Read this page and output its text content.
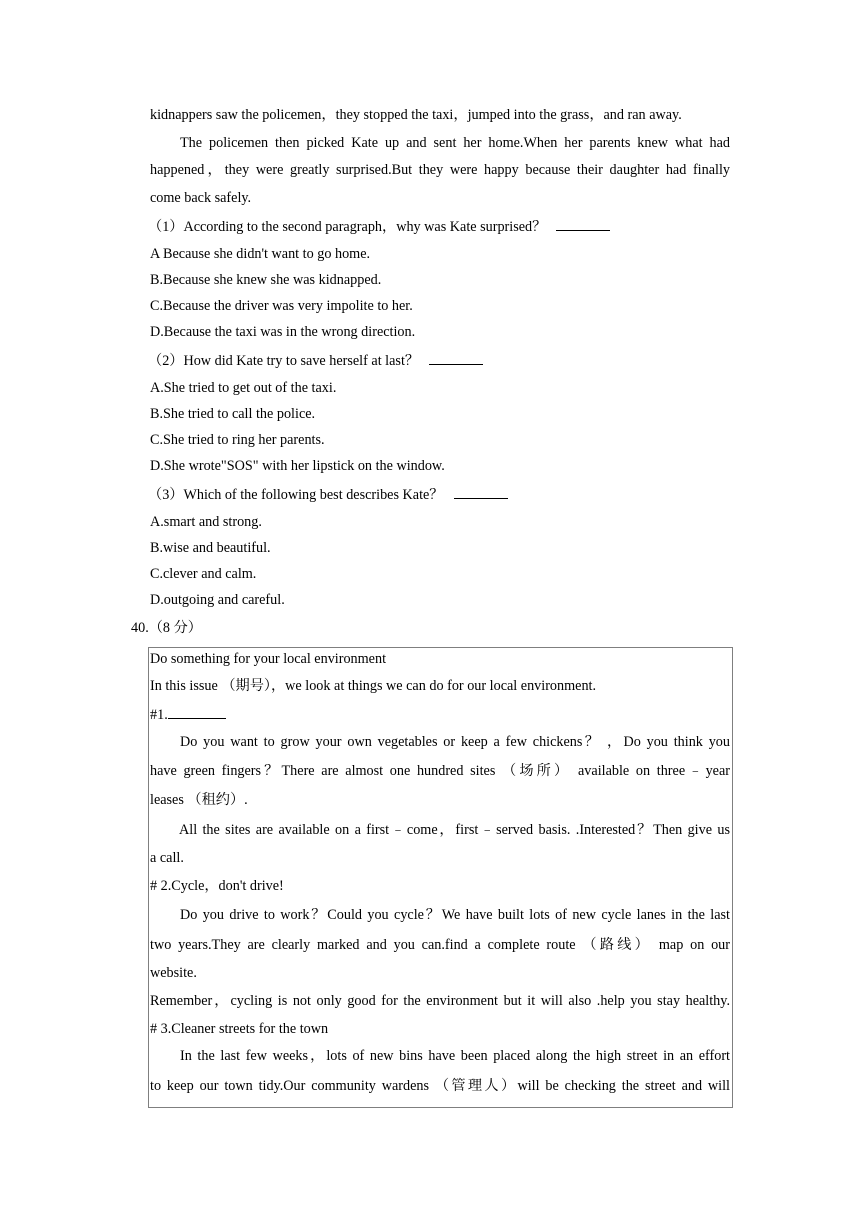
kidnappers saw the policemen，they stopped the taxi，jumped into the grass，and ran away.
The policemen then picked Kate up and sent her home.When her parents knew what had
happened，they were greatly surprised.But they were happy because their daughter had finally
come back safely.
（1）According to the second paragraph，why was Kate surprised？
A Because she didn't want to go home.
B.Because she knew she was kidnapped.
C.Because the driver was very impolite to her.
D.Because the taxi was in the wrong direction.
（2）How did Kate try to save herself at last？
A.She tried to get out of the taxi.
B.She tried to call the police.
C.She tried to ring her parents.
D.She wrote"SOS" with her lipstick on the window.
（3）Which of the following best describes Kate？
A.smart and strong.
B.wise and beautiful.
C.clever and calm.
D.outgoing and careful.
40.（8 分）
Do something for your local environment
In this issue （期号），we look at things we can do for our local environment.
#1.
Do you want to grow your own vegetables or keep a few chickens？ ，Do you think you
have green fingers？There are almost one hundred sites （场所） available on three﹣year
leases （租约）.
All the sites are available on a first﹣come，first﹣served basis. .Interested？Then give us
a call.
# 2.Cycle，don't drive!
Do you drive to work？Could you cycle？We have built lots of new cycle lanes in the last
two years.They are clearly marked and you can.find a complete route （路线） map on our
website.
Remember，cycling is not only good for the environment but it will also .help you stay healthy.
# 3.Cleaner streets for the town
In the last few weeks，lots of new bins have been placed along the high street in an effort
to keep our town tidy.Our community wardens （管理人）will be checking the street and will
